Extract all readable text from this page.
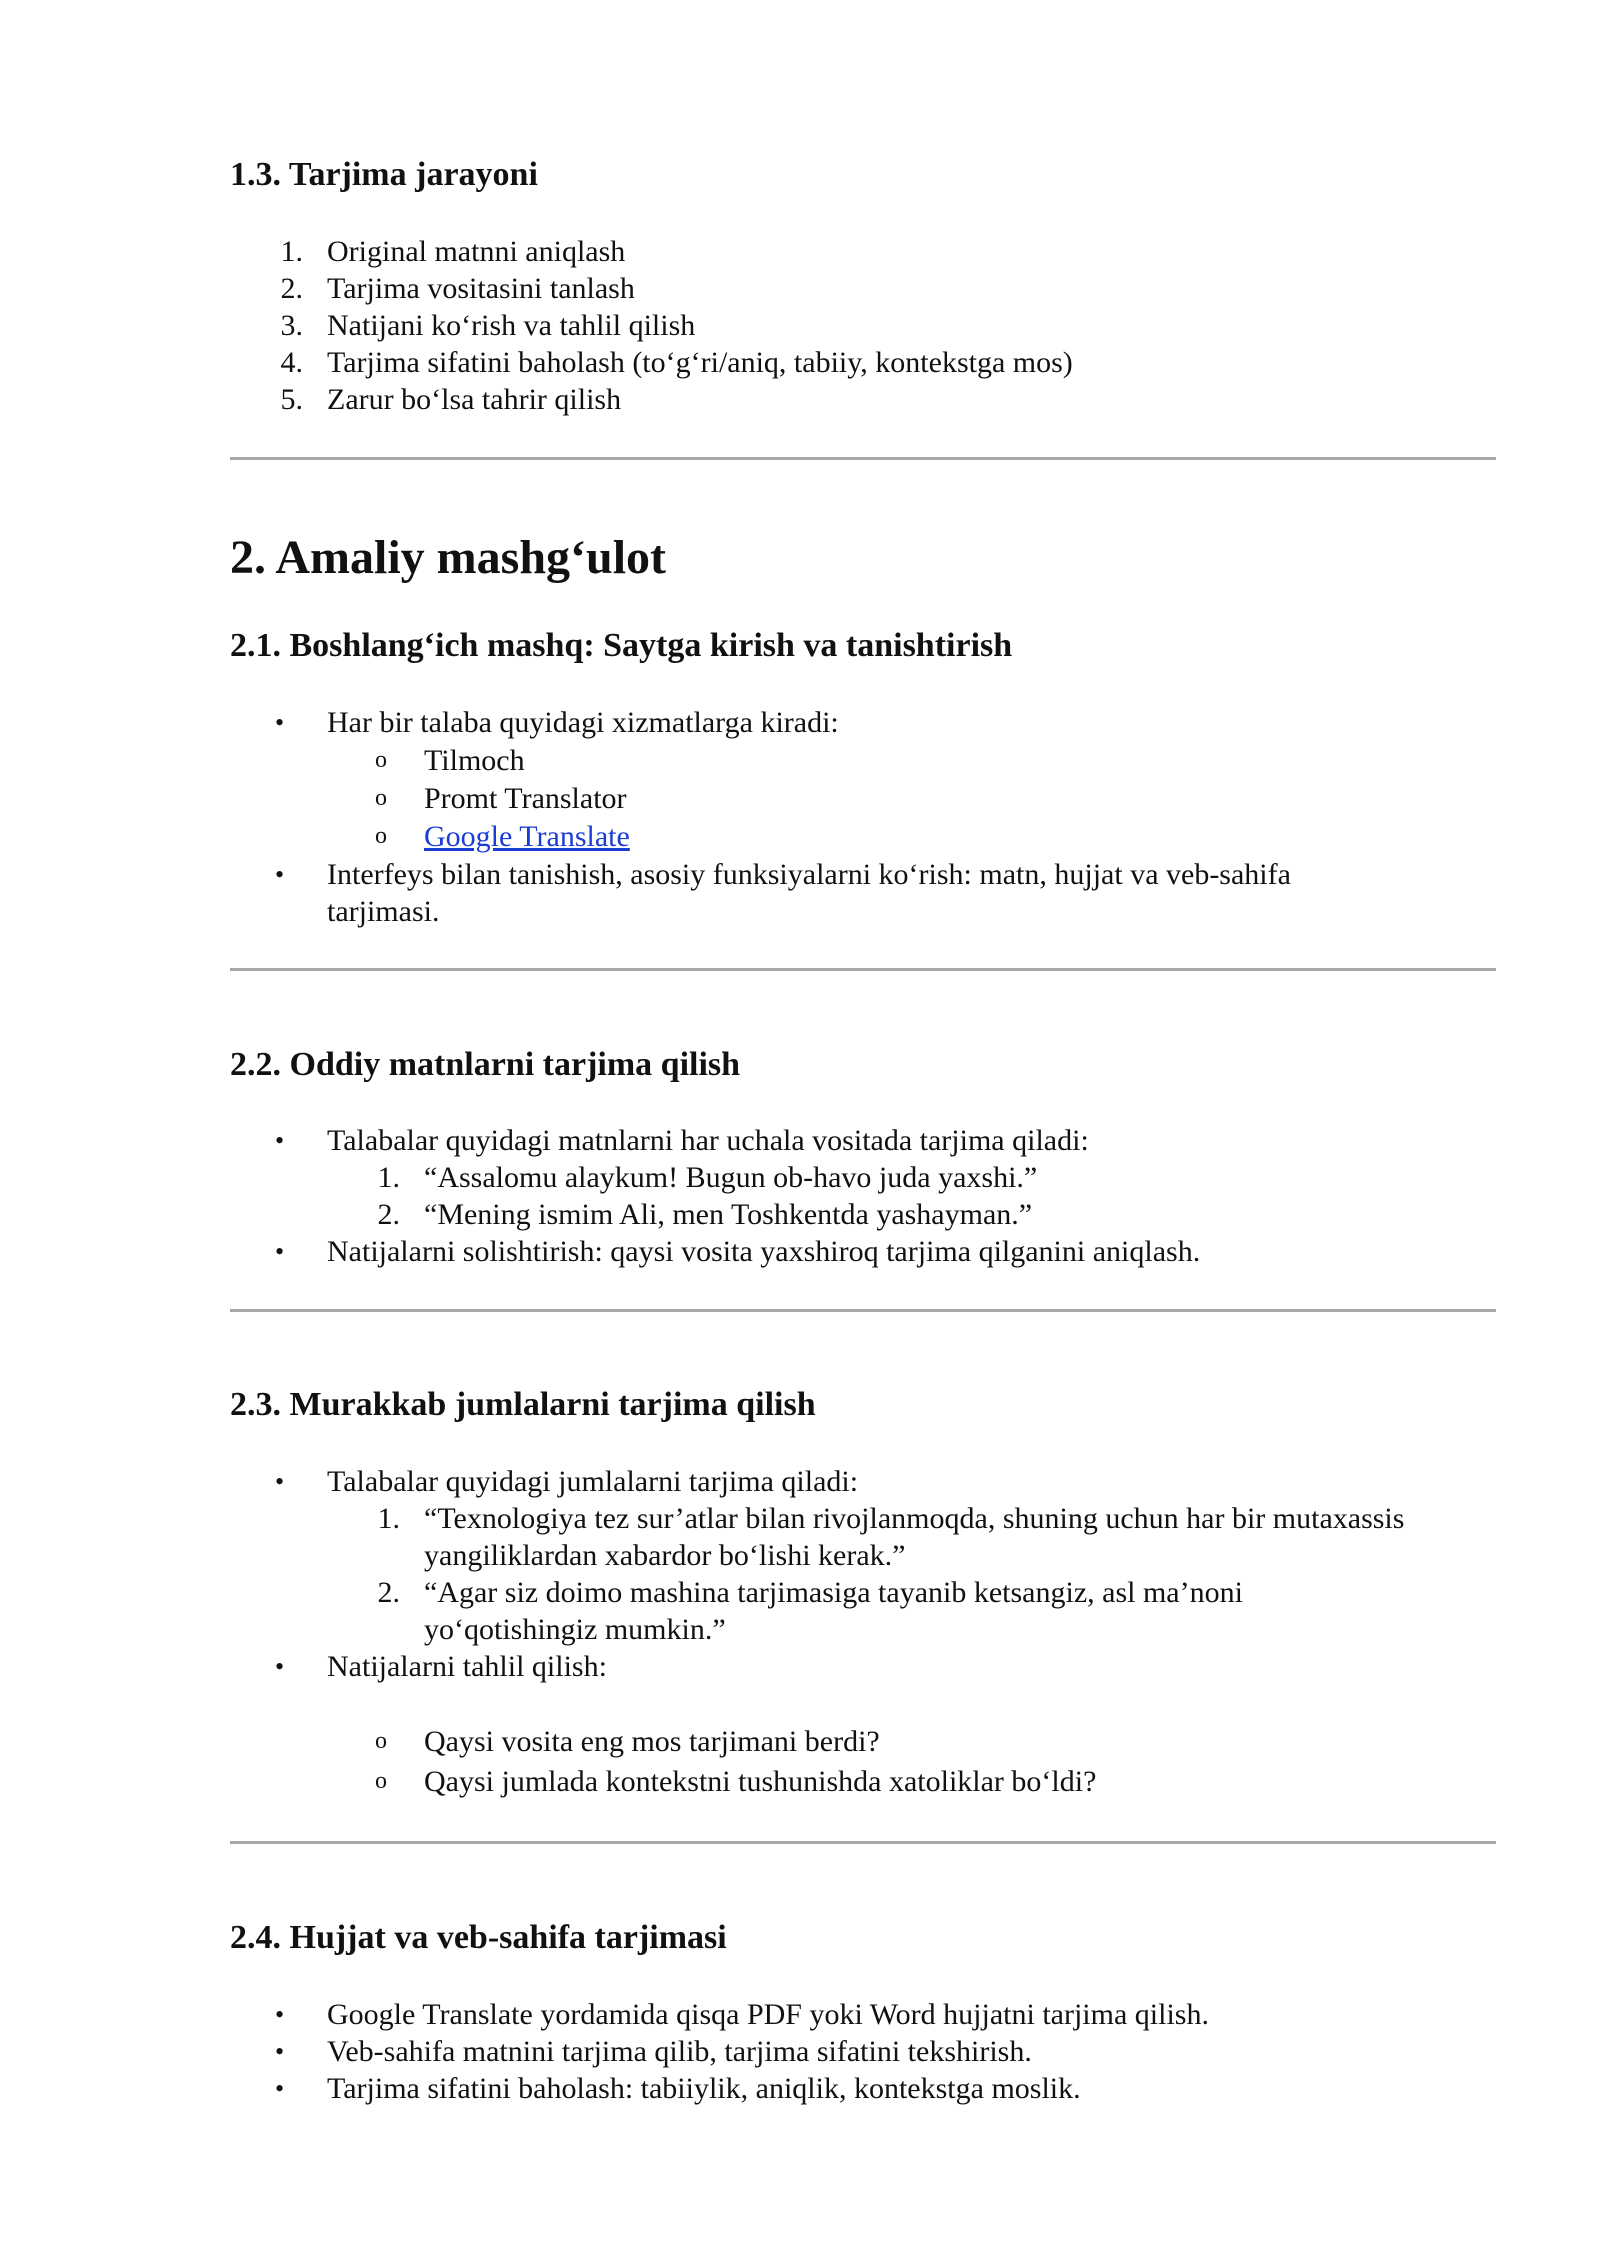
1.3. Tarjima jarayoni
1. Original matnni aniqlash
2. Tarjima vositasini tanlash
3. Natijani ko‘rish va tahlil qilish
4. Tarjima sifatini baholash (to‘g‘ri/aniq, tabiiy, kontekstga mos)
5. Zarur bo‘lsa tahrir qilish
2. Amaliy mashg‘ulot
2.1. Boshlang‘ich mashq: Saytga kirish va tanishtirish
• Har bir talaba quyidagi xizmatlarga kiradi:
o Tilmoch
o Promt Translator
o Google Translate
• Interfeys bilan tanishish, asosiy funksiyalarni ko‘rish: matn, hujjat va veb-sahifa
tarjimasi.
2.2. Oddiy matnlarni tarjima qilish
• Talabalar quyidagi matnlarni har uchala vositada tarjima qiladi:
1. “Assalomu alaykum! Bugun ob-havo juda yaxshi.”
2. “Mening ismim Ali, men Toshkentda yashayman.”
• Natijalarni solishtirish: qaysi vosita yaxshiroq tarjima qilganini aniqlash.
2.3. Murakkab jumlalarni tarjima qilish
• Talabalar quyidagi jumlalarni tarjima qiladi:
1. “Texnologiya tez sur’atlar bilan rivojlanmoqda, shuning uchun har bir mutaxassis
yangiliklardan xabardor bo‘lishi kerak.”
2. “Agar siz doimo mashina tarjimasiga tayanib ketsangiz, asl ma’noni
yo‘qotishingiz mumkin.”
• Natijalarni tahlil qilish:
o Qaysi vosita eng mos tarjimani berdi?
o Qaysi jumlada kontekstni tushunishda xatoliklar bo‘ldi?
2.4. Hujjat va veb-sahifa tarjimasi
• Google Translate yordamida qisqa PDF yoki Word hujjatni tarjima qilish.
• Veb-sahifa matnini tarjima qilib, tarjima sifatini tekshirish.
• Tarjima sifatini baholash: tabiiylik, aniqlik, kontekstga moslik.
